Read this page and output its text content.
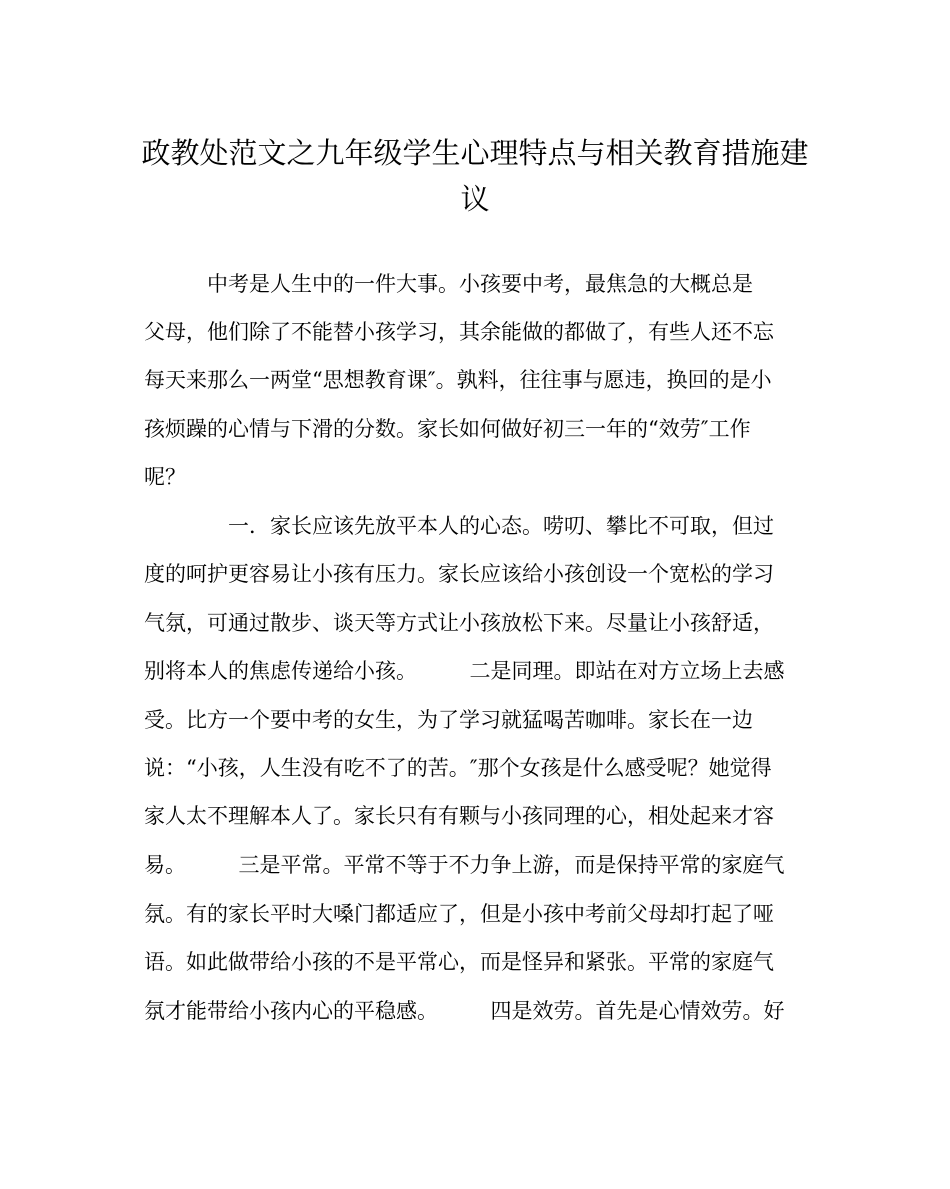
政教处范文之九年级学生心理特点与相关教育措施建
议
　　　中考是人生中的一件大事。小孩要中考，最焦急的大概总是
父母，他们除了不能替小孩学习，其余能做的都做了，有些人还不忘
每天来那么一两堂“思想教育课″。孰料，往往事与愿违，换回的是小
孩烦躁的心情与下滑的分数。家长如何做好初三一年的“效劳″工作
呢？
　　　　一．家长应该先放平本人的心态。唠叨、攀比不可取，但过
度的呵护更容易让小孩有压力。家长应该给小孩创设一个宽松的学习
气氛，可通过散步、谈天等方式让小孩放松下来。尽量让小孩舒适，
别将本人的焦虑传递给小孩。　　　二是同理。即站在对方立场上去感
受。比方一个要中考的女生，为了学习就猛喝苦咖啡。家长在一边
说：“小孩，人生没有吃不了的苦。″那个女孩是什么感受呢？她觉得
家人太不理解本人了。家长只有有颗与小孩同理的心，相处起来才容
易。　　　三是平常。平常不等于不力争上游，而是保持平常的家庭气
氛。有的家长平时大嗓门都适应了，但是小孩中考前父母却打起了哑
语。如此做带给小孩的不是平常心，而是怪异和紧张。平常的家庭气
氛才能带给小孩内心的平稳感。　　　四是效劳。首先是心情效劳。好
